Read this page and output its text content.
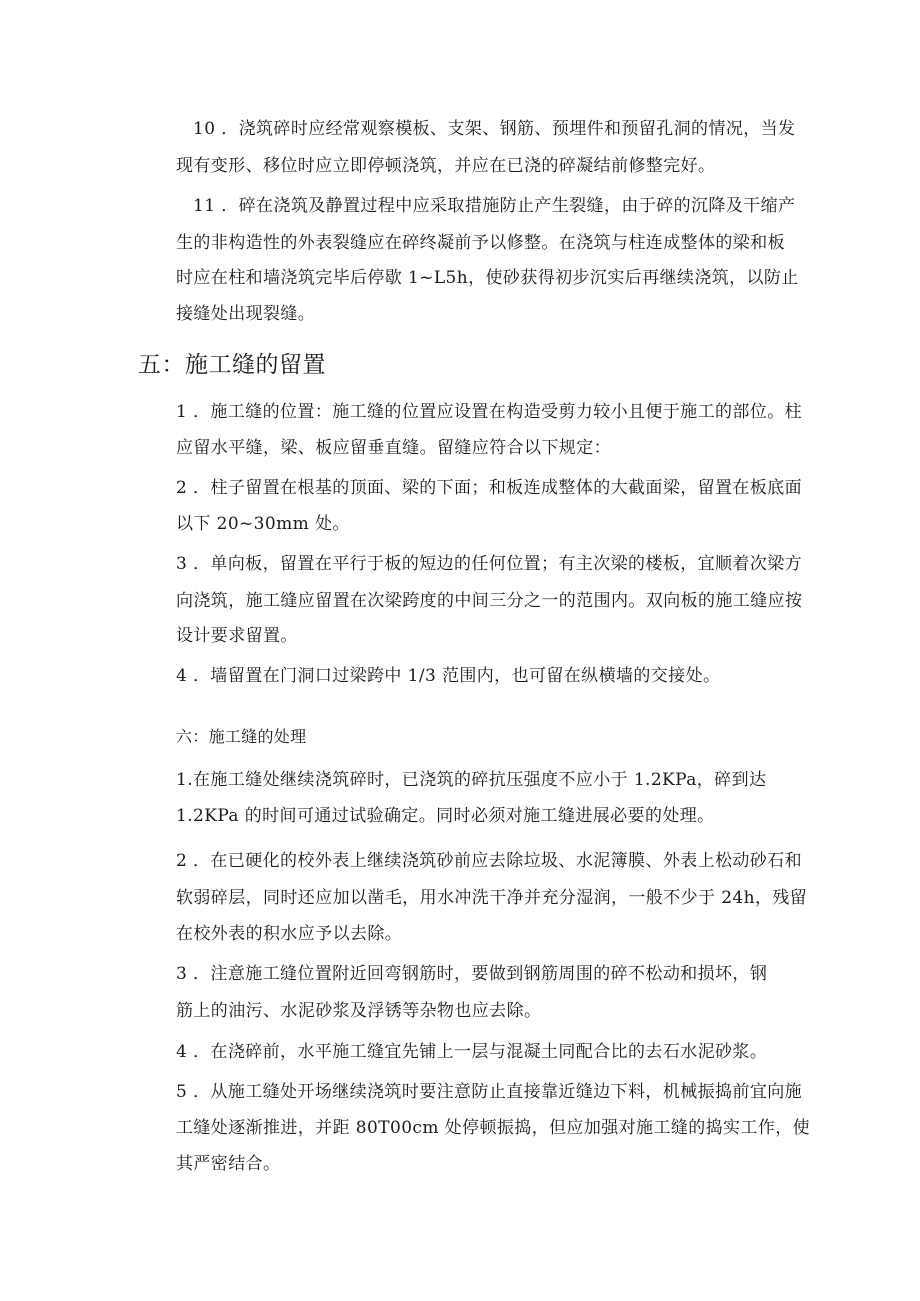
10 ．浇筑碎时应经常观察模板、支架、钢筋、预埋件和预留孔洞的情况，当发
现有变形、移位时应立即停顿浇筑，并应在已浇的碎凝结前修整完好。
11 ．碎在浇筑及静置过程中应采取措施防止产生裂缝，由于碎的沉降及干缩产
生的非构造性的外表裂缝应在碎终凝前予以修整。在浇筑与柱连成整体的梁和板
时应在柱和墙浇筑完毕后停歇 1~L5h，使砂获得初步沉实后再继续浇筑，以防止
接缝处出现裂缝。
五：施工缝的留置
1 ．施工缝的位置：施工缝的位置应设置在构造受剪力较小且便于施工的部位。柱
应留水平缝，梁、板应留垂直缝。留缝应符合以下规定：
2 ．柱子留置在根基的顶面、梁的下面；和板连成整体的大截面梁，留置在板底面
以下 20~30mm 处。
3 ．单向板，留置在平行于板的短边的任何位置；有主次梁的楼板，宜顺着次梁方
向浇筑，施工缝应留置在次梁跨度的中间三分之一的范围内。双向板的施工缝应按
设计要求留置。
4 ．墙留置在门洞口过梁跨中 1/3 范围内，也可留在纵横墙的交接处。
六：施工缝的处理
1.在施工缝处继续浇筑碎时，已浇筑的碎抗压强度不应小于 1.2KPa，碎到达
1.2KPa 的时间可通过试验确定。同时必须对施工缝进展必要的处理。
2 ．在已硬化的校外表上继续浇筑砂前应去除垃圾、水泥簿膜、外表上松动砂石和
软弱碎层，同时还应加以凿毛，用水冲洗干净并充分湿润，一般不少于 24h，残留
在校外表的积水应予以去除。
3 ．注意施工缝位置附近回弯钢筋时，要做到钢筋周围的碎不松动和损坏，钢
筋上的油污、水泥砂浆及浮锈等杂物也应去除。
4 ．在浇碎前，水平施工缝宜先铺上一层与混凝土同配合比的去石水泥砂浆。
5 ．从施工缝处开场继续浇筑时要注意防止直接靠近缝边下料，机械振捣前宜向施
工缝处逐渐推进，并距 80T00cm 处停顿振捣，但应加强对施工缝的捣实工作，使
其严密结合。
